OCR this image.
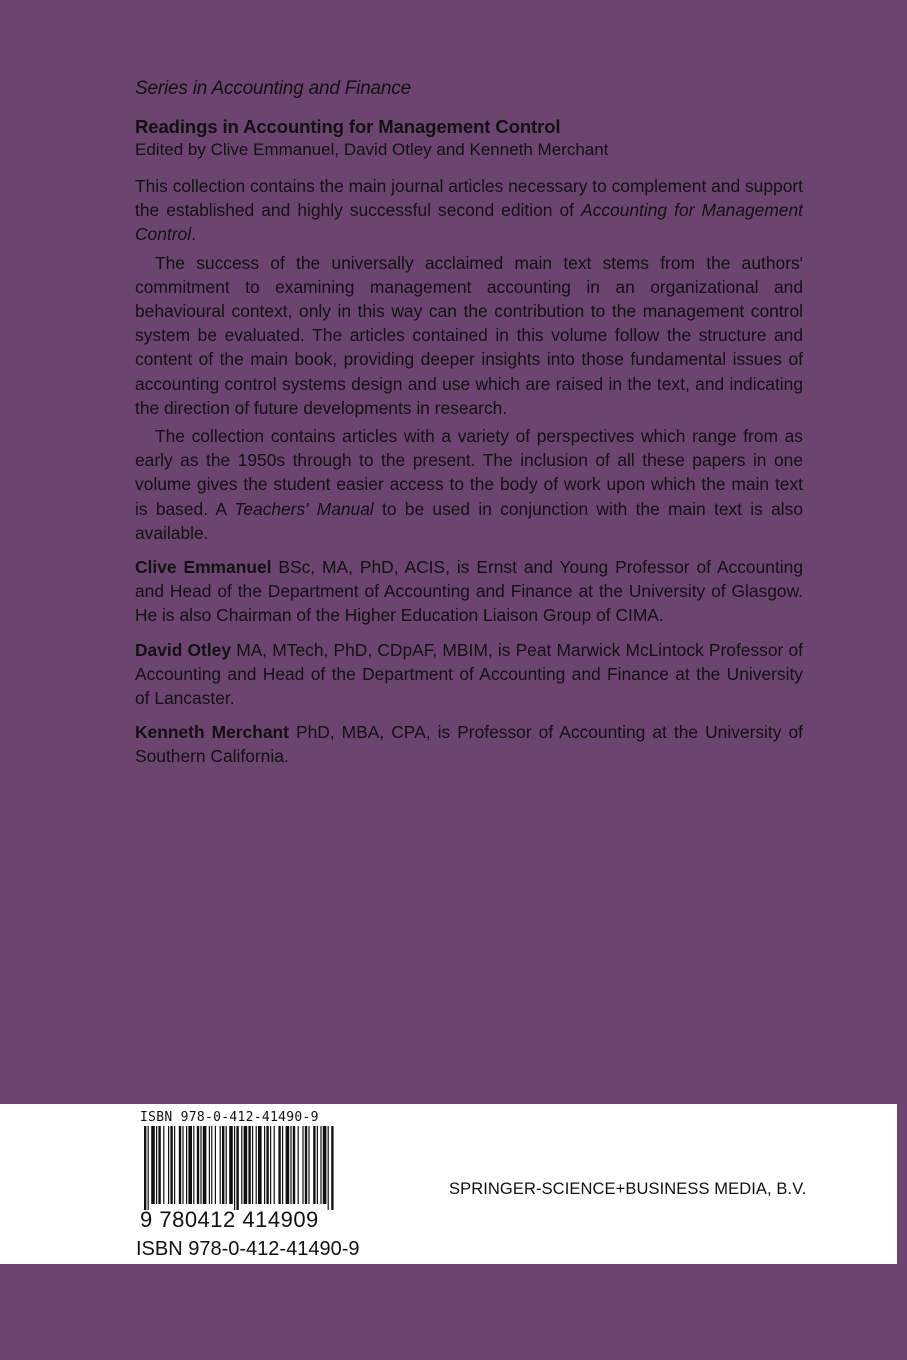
Series in Accounting and Finance

Readings in Accounting for Management Control

Edited by Clive Emmanuel, David Otley and Kenneth Merchant

This collection contains the main journal articles necessary to complement and support the established and highly successful second edition of Accounting for Management Control.

The success of the universally acclaimed main text stems from the authors' commitment to examining management accounting in an organizational and behavioural context, only in this way can the contribution to the management control system be evaluated. The articles contained in this volume follow the structure and content of the main book, providing deeper insights into those fundamental issues of accounting control systems design and use which are raised in the text, and indicating the direction of future developments in research.

The collection contains articles with a variety of perspectives which range from as early as the 1950s through to the present. The inclusion of all these papers in one volume gives the student easier access to the body of work upon which the main text is based. A Teachers' Manual to be used in conjunction with the main text is also available.

Clive Emmanuel BSc, MA, PhD, ACIS, is Ernst and Young Professor of Accounting and Head of the Department of Accounting and Finance at the University of Glasgow. He is also Chairman of the Higher Education Liaison Group of CIMA.

David Otley MA, MTech, PhD, CDpAF, MBIM, is Peat Marwick McLintock Professor of Accounting and Head of the Department of Accounting and Finance at the University of Lancaster.

Kenneth Merchant PhD, MBA, CPA, is Professor of Accounting at the University of Southern California.

ISBN 978-0-412-41490-9
9 780412 414909
ISBN 978-0-412-41490-9
SPRINGER-SCIENCE+BUSINESS MEDIA, B.V.
